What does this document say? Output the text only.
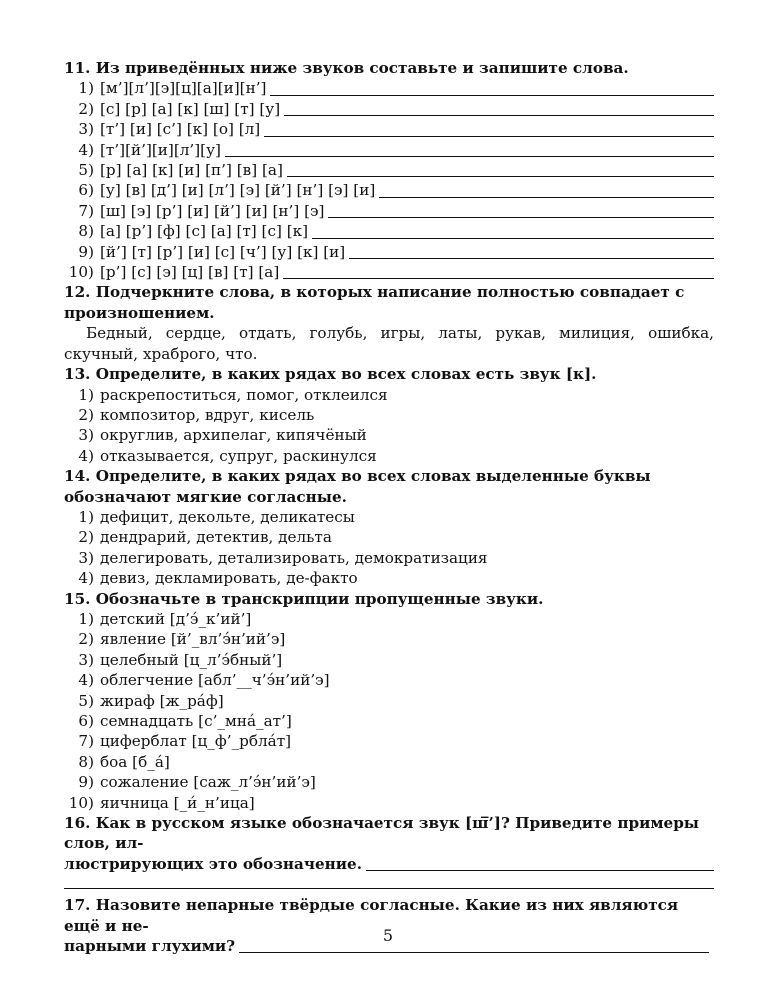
11. Из приведённых ниже звуков составьте и запишите слова.
1) [м’][л’][э][ц][а][и][н’]
2) [с] [р] [а] [к] [ш] [т] [у]
3) [т’] [и] [с’] [к] [о] [л]
4) [т’][й’][и][л’][у]
5) [р] [а] [к] [и] [п’] [в] [а]
6) [у] [в] [д’] [и] [л’] [э] [й’] [н’] [э] [и]
7) [ш] [э] [р’] [и] [й’] [и] [н’] [э]
8) [а] [р’] [ф] [с] [а] [т] [с] [к]
9) [й’] [т] [р’] [и] [с] [ч’] [у] [к] [и]
10) [р’] [с] [э] [ц] [в] [т] [а]
12. Подчеркните слова, в которых написание полностью совпадает с произношением.
Бедный, сердце, отдать, голубь, игры, латы, рукав, милиция, ошибка, скучный, храброго, что.
13. Определите, в каких рядах во всех словах есть звук [к].
1) раскрепоститься, помог, отклеился
2) композитор, вдруг, кисель
3) округлив, архипелаг, кипячёный
4) отказывается, супруг, раскинулся
14. Определите, в каких рядах во всех словах выделенные буквы обозначают мягкие согласные.
1) дефицит, декольте, деликатесы
2) дендрарий, детектив, дельта
3) делегировать, детализировать, демократизация
4) девиз, декламировать, де-факто
15. Обозначьте в транскрипции пропущенные звуки.
1) детский [д’э́_к’ий’]
2) явление [й’_вл’э́н’ий’э]
3) целебный [ц_л’э́бный’]
4) облегчение [абл’__ч’э́н’ий’э]
5) жираф [ж_ра́ф]
6) семнадцать [с’_мна́_ат’]
7) циферблат [ц_ф’_рбла́т]
8) боа [б_а́]
9) сожаление [саж_л’э́н’ий’э]
10) яичница [_и́_н’ица]
16. Как в русском языке обозначается звук [ш̅’]? Приведите примеры слов, ил-
люстрирующих это обозначение.
17. Назовите непарные твёрдые согласные. Какие из них являются ещё и не-
парными глухими?
5
